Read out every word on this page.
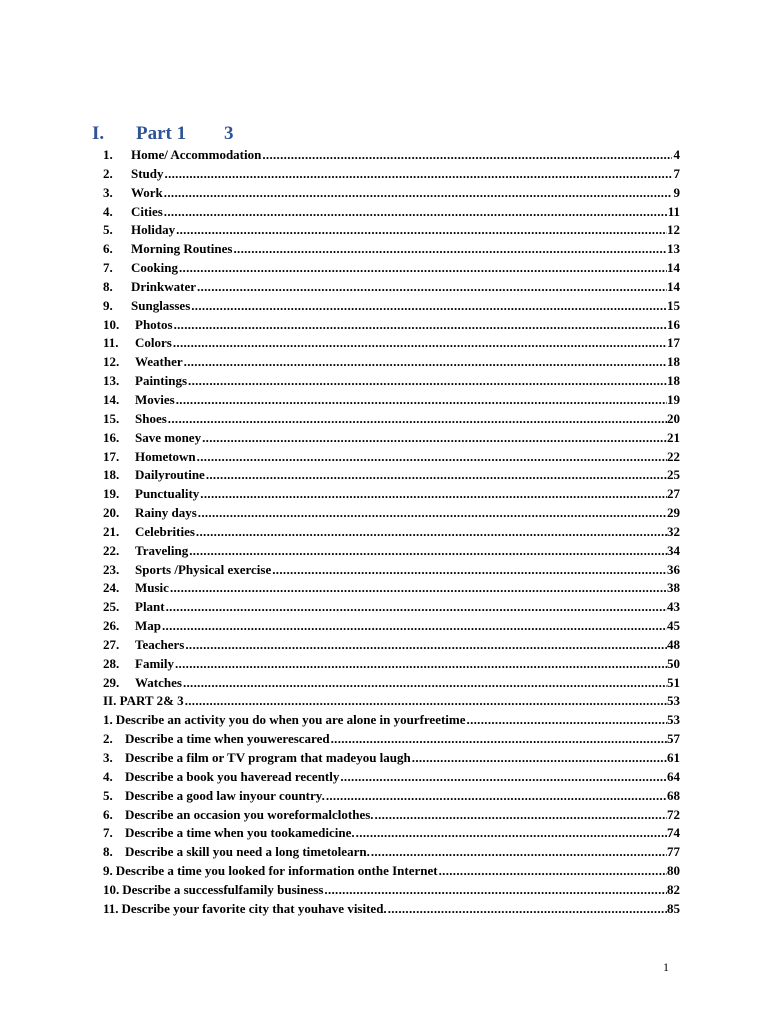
I. Part 1 3
1.	Home/ Accommodation .....	4
2.	Study .....	7
3.	Work .....	9
4.	Cities .....	11
5.	Holiday .....	12
6.	Morning Routines .....	13
7.	Cooking .....	14
8.	Drinkwater .....	14
9.	Sunglasses .....	15
10.	Photos .....	16
11.	Colors .....	17
12.	Weather .....	18
13.	Paintings .....	18
14.	Movies .....	19
15.	Shoes .....	20
16.	Save money .....	21
17.	Hometown .....	22
18.	Dailyroutine .....	25
19.	Punctuality .....	27
20.	Rainy days .....	29
21.	Celebrities .....	32
22.	Traveling .....	34
23.	Sports /Physical exercise .....	36
24.	Music .....	38
25.	Plant .....	43
26.	Map .....	45
27.	Teachers .....	48
28.	Family .....	50
29.	Watches .....	51
II. PART 2& 3 .....	53
1. Describe an activity you do when you are alone in yourfreetime .....	53
2. Describe a time when youwerescared .....	57
3. Describe a film or TV program that madeyou laugh .....	61
4. Describe a book you haveread recently .....	64
5. Describe a good law inyour country. .....	68
6. Describe an occasion you woreformalclothes. .....	72
7. Describe a time when you tookamedicine. .....	74
8. Describe a skill you need a long timetolearn. .....	77
9. Describe a time you looked for information onthe Internet .....	80
10. Describe a successfulfamily business .....	82
11. Describe your favorite city that youhave visited. .....	85
1
